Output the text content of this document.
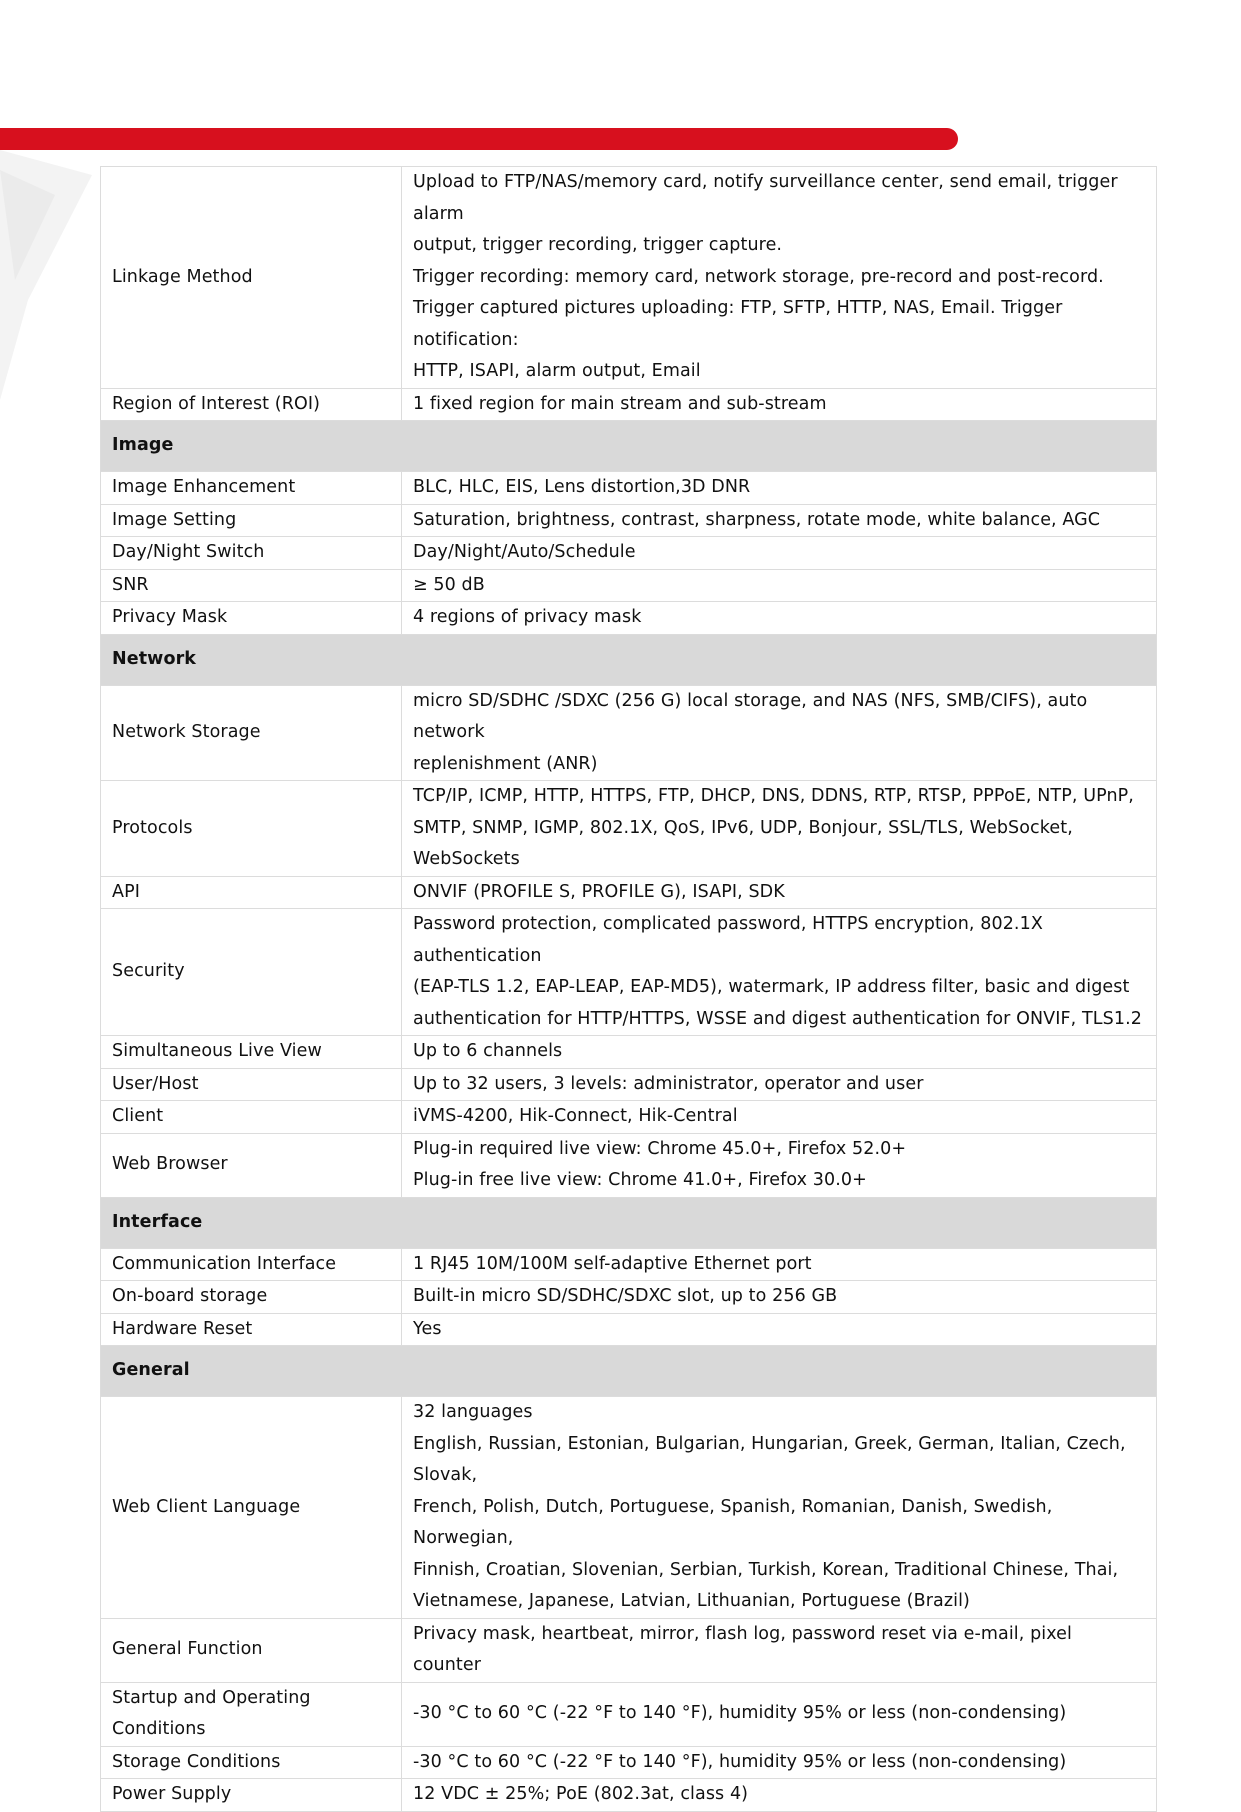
Linkage Method	Upload to FTP/NAS/memory card, notify surveillance center, send email, trigger alarm
output, trigger recording, trigger capture.
Trigger recording: memory card, network storage, pre-record and post-record.
Trigger captured pictures uploading: FTP, SFTP, HTTP, NAS, Email. Trigger notification:
HTTP, ISAPI, alarm output, Email

Region of Interest (ROI)	1 fixed region for main stream and sub-stream

Image	
Image Enhancement	BLC, HLC, EIS, Lens distortion,3D DNR

Image Setting	Saturation, brightness, contrast, sharpness, rotate mode, white balance, AGC

Day/Night Switch	Day/Night/Auto/Schedule

SNR	≥ 50 dB

Privacy Mask	4 regions of privacy mask

Network	
Network Storage	micro SD/SDHC /SDXC (256 G) local storage, and NAS (NFS, SMB/CIFS), auto network
replenishment (ANR)

Protocols	TCP/IP, ICMP, HTTP, HTTPS, FTP, DHCP, DNS, DDNS, RTP, RTSP, PPPoE, NTP, UPnP,
SMTP, SNMP, IGMP, 802.1X, QoS, IPv6, UDP, Bonjour, SSL/TLS, WebSocket,
WebSockets

API	ONVIF (PROFILE S, PROFILE G), ISAPI, SDK

Security	Password protection, complicated password, HTTPS encryption, 802.1X authentication
(EAP-TLS 1.2, EAP-LEAP, EAP-MD5), watermark, IP address filter, basic and digest
authentication for HTTP/HTTPS, WSSE and digest authentication for ONVIF, TLS1.2

Simultaneous Live View	Up to 6 channels

User/Host	Up to 32 users, 3 levels: administrator, operator and user

Client	iVMS-4200, Hik-Connect, Hik-Central

Web Browser	Plug-in required live view: Chrome 45.0+, Firefox 52.0+
Plug-in free live view: Chrome 41.0+, Firefox 30.0+

Interface	
Communication Interface	1 RJ45 10M/100M self-adaptive Ethernet port

On-board storage	Built-in micro SD/SDHC/SDXC slot, up to 256 GB

Hardware Reset	Yes

General	
Web Client Language	32 languages
English, Russian, Estonian, Bulgarian, Hungarian, Greek, German, Italian, Czech, Slovak,
French, Polish, Dutch, Portuguese, Spanish, Romanian, Danish, Swedish, Norwegian,
Finnish, Croatian, Slovenian, Serbian, Turkish, Korean, Traditional Chinese, Thai,
Vietnamese, Japanese, Latvian, Lithuanian, Portuguese (Brazil)

General Function	Privacy mask, heartbeat, mirror, flash log, password reset via e-mail, pixel counter

Startup and Operating Conditions	-30 °C to 60 °C (-22 °F to 140 °F), humidity 95% or less (non-condensing)

Storage Conditions	-30 °C to 60 °C (-22 °F to 140 °F), humidity 95% or less (non-condensing)

Power Supply	12 VDC ± 25%; PoE (802.3at, class 4)
